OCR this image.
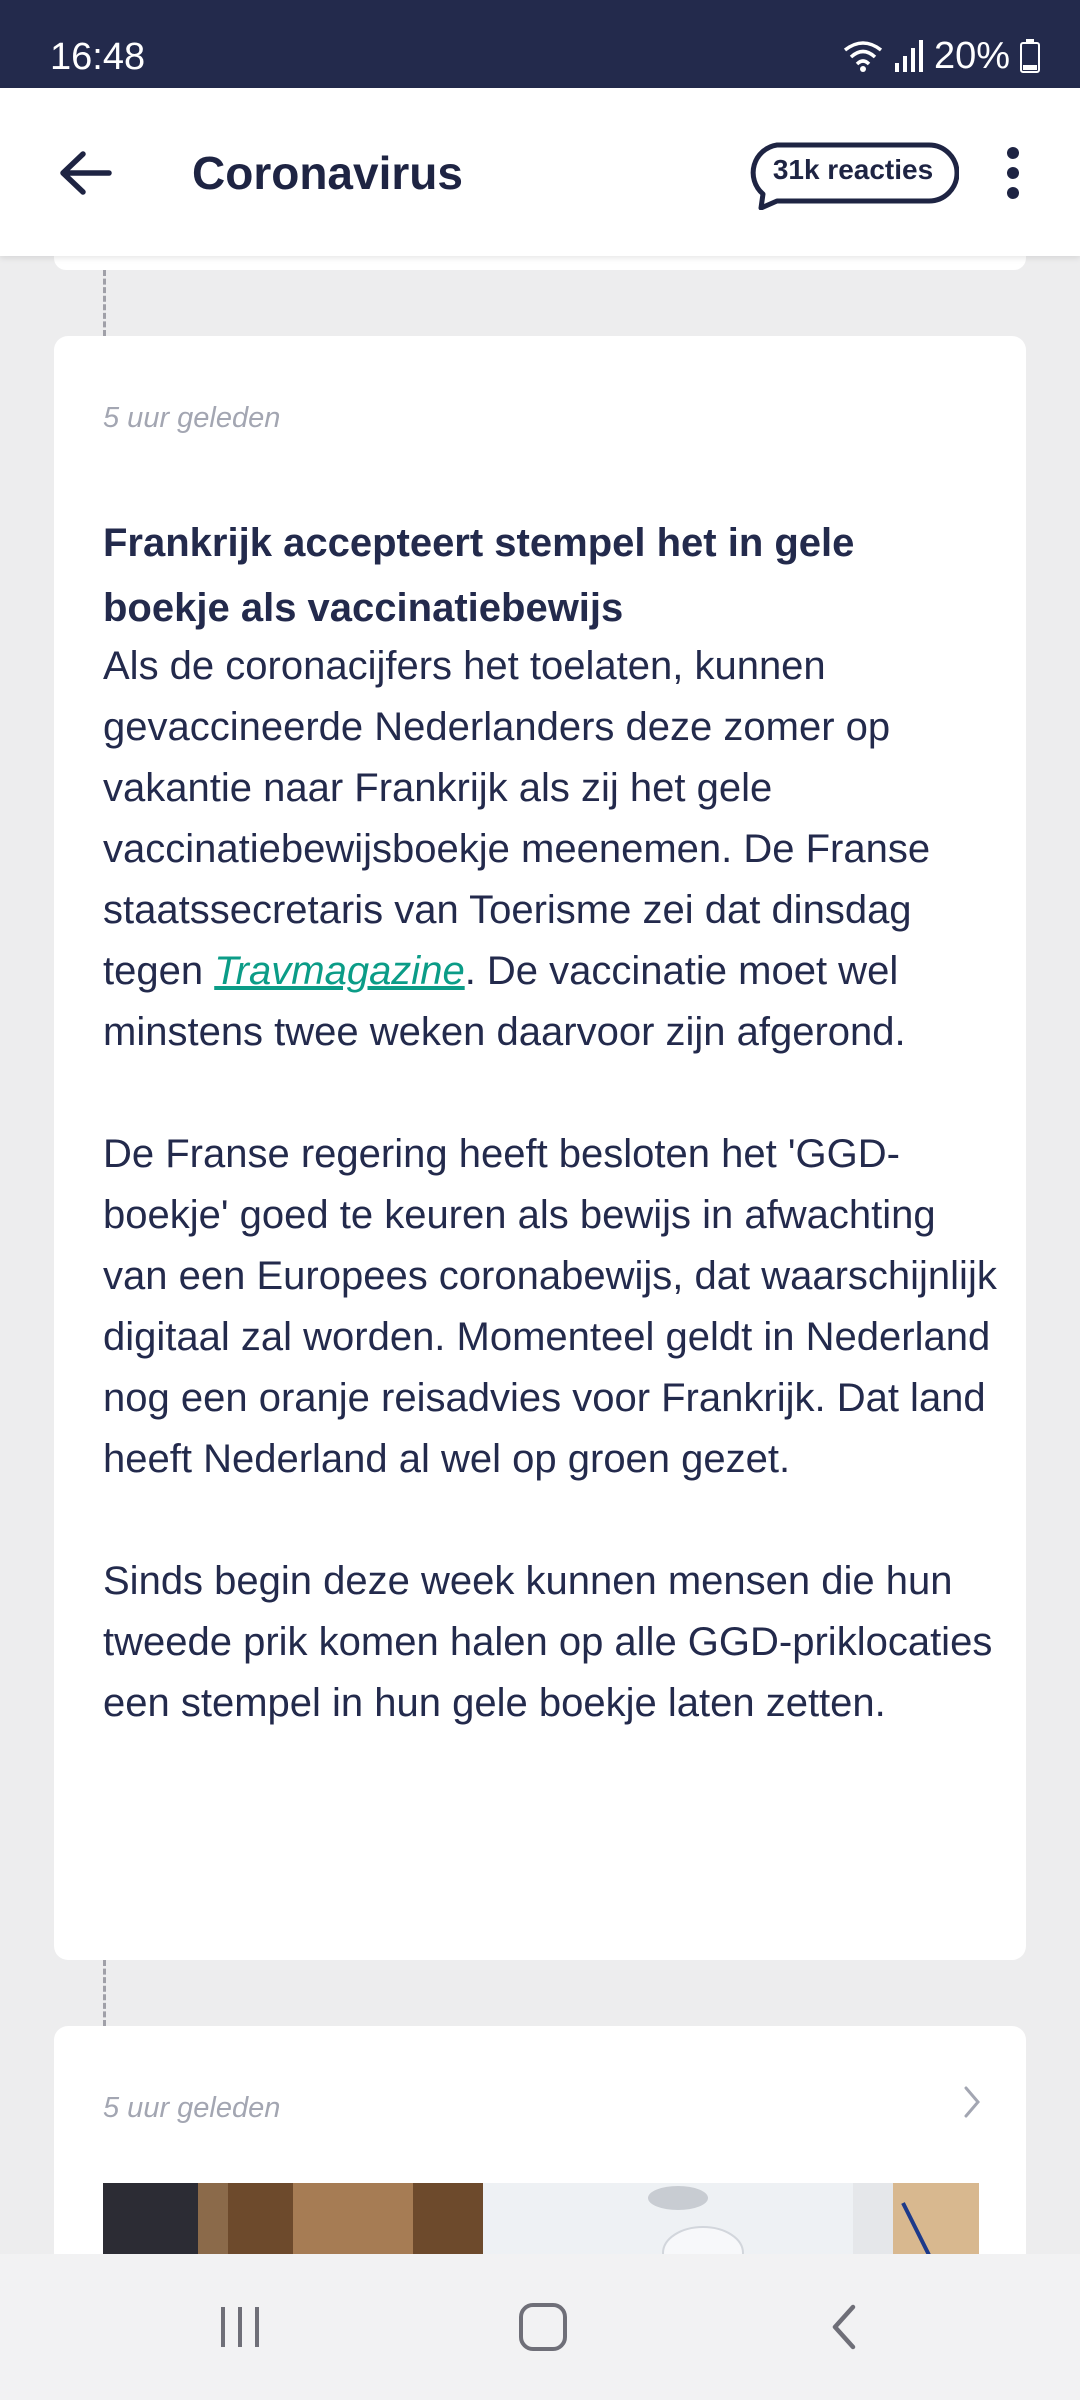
16:48	20%
Coronavirus	31k reacties
5 uur geleden
Frankrijk accepteert stempel het in gele boekje als vaccinatiebewijs

Als de coronacijfers het toelaten, kunnen gevaccineerde Nederlanders deze zomer op vakantie naar Frankrijk als zij het gele vaccinatiebewijsboekje meenemen. De Franse staatssecretaris van Toerisme zei dat dinsdag tegen Travmagazine. De vaccinatie moet wel minstens twee weken daarvoor zijn afgerond.

De Franse regering heeft besloten het 'GGD-boekje' goed te keuren als bewijs in afwachting van een Europees coronabewijs, dat waarschijnlijk digitaal zal worden. Momenteel geldt in Nederland nog een oranje reisadvies voor Frankrijk. Dat land heeft Nederland al wel op groen gezet.

Sinds begin deze week kunnen mensen die hun tweede prik komen halen op alle GGD-priklocaties een stempel in hun gele boekje laten zetten.

5 uur geleden
